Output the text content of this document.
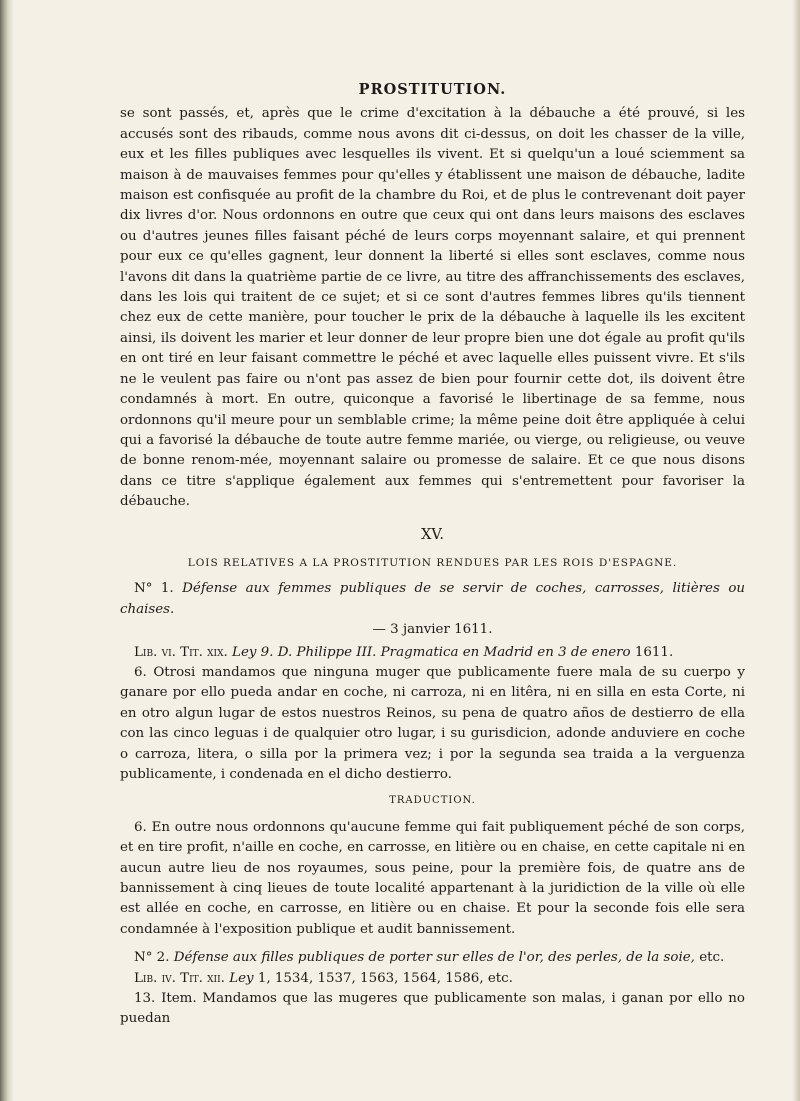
PROSTITUTION.

se sont passés, et, après que le crime d'excitation à la débauche a été prouvé, si les accusés sont des ribauds, comme nous avons dit ci-dessus, on doit les chasser de la ville, eux et les filles publiques avec lesquelles ils vivent. Et si quelqu'un a loué sciemment sa maison à de mauvaises femmes pour qu'elles y établissent une maison de débauche, ladite maison est confisquée au profit de la chambre du Roi, et de plus le contrevenant doit payer dix livres d'or. Nous ordonnons en outre que ceux qui ont dans leurs maisons des esclaves ou d'autres jeunes filles faisant péché de leurs corps moyennant salaire, et qui prennent pour eux ce qu'elles gagnent, leur donnent la liberté si elles sont esclaves, comme nous l'avons dit dans la quatrième partie de ce livre, au titre des affranchissements des esclaves, dans les lois qui traitent de ce sujet; et si ce sont d'autres femmes libres qu'ils tiennent chez eux de cette manière, pour toucher le prix de la débauche à laquelle ils les excitent ainsi, ils doivent les marier et leur donner de leur propre bien une dot égale au profit qu'ils en ont tiré en leur faisant commettre le péché et avec laquelle elles puissent vivre. Et s'ils ne le veulent pas faire ou n'ont pas assez de bien pour fournir cette dot, ils doivent être condamnés à mort. En outre, quiconque a favorisé le libertinage de sa femme, nous ordonnons qu'il meure pour un semblable crime; la même peine doit être appliquée à celui qui a favorisé la débauche de toute autre femme mariée, ou vierge, ou religieuse, ou veuve de bonne renom-mée, moyennant salaire ou promesse de salaire. Et ce que nous disons dans ce titre s'applique également aux femmes qui s'entremettent pour favoriser la débauche.

XV.
LOIS RELATIVES A LA PROSTITUTION RENDUES PAR LES ROIS D'ESPAGNE.

N° 1. Défense aux femmes publiques de se servir de coches, carrosses, litières ou chaises.

— 3 janvier 1611.

Lib. vi. Tit. xix. Ley 9. D. Philippe III. Pragmatica en Madrid en 3 de enero 1611.

6. Otrosi mandamos que ninguna muger que publicamente fuere mala de su cuerpo y ganare por ello pueda andar en coche, ni carroza, ni en litêra, ni en silla en esta Corte, ni en otro algun lugar de estos nuestros Reinos, su pena de quatro años de destierro de ella con las cinco leguas i de qualquier otro lugar, i su gurisdicion, adonde anduviere en coche o carroza, litera, o silla por la primera vez; i por la segunda sea traida a la verguenza publicamente, i condenada en el dicho destierro.

TRADUCTION.

6. En outre nous ordonnons qu'aucune femme qui fait publiquement péché de son corps, et en tire profit, n'aille en coche, en carrosse, en litière ou en chaise, en cette capitale ni en aucun autre lieu de nos royaumes, sous peine, pour la première fois, de quatre ans de bannissement à cinq lieues de toute localité appartenant à la juridiction de la ville où elle est allée en coche, en carrosse, en litière ou en chaise. Et pour la seconde fois elle sera condamnée à l'exposition publique et audit bannissement.

N° 2. Défense aux filles publiques de porter sur elles de l'or, des perles, de la soie, etc.

Lib. iv. Tit. xii. Ley 1, 1534, 1537, 1563, 1564, 1586, etc.

13. Item. Mandamos que las mugeres que publicamente son malas, i ganan por ello no puedan
